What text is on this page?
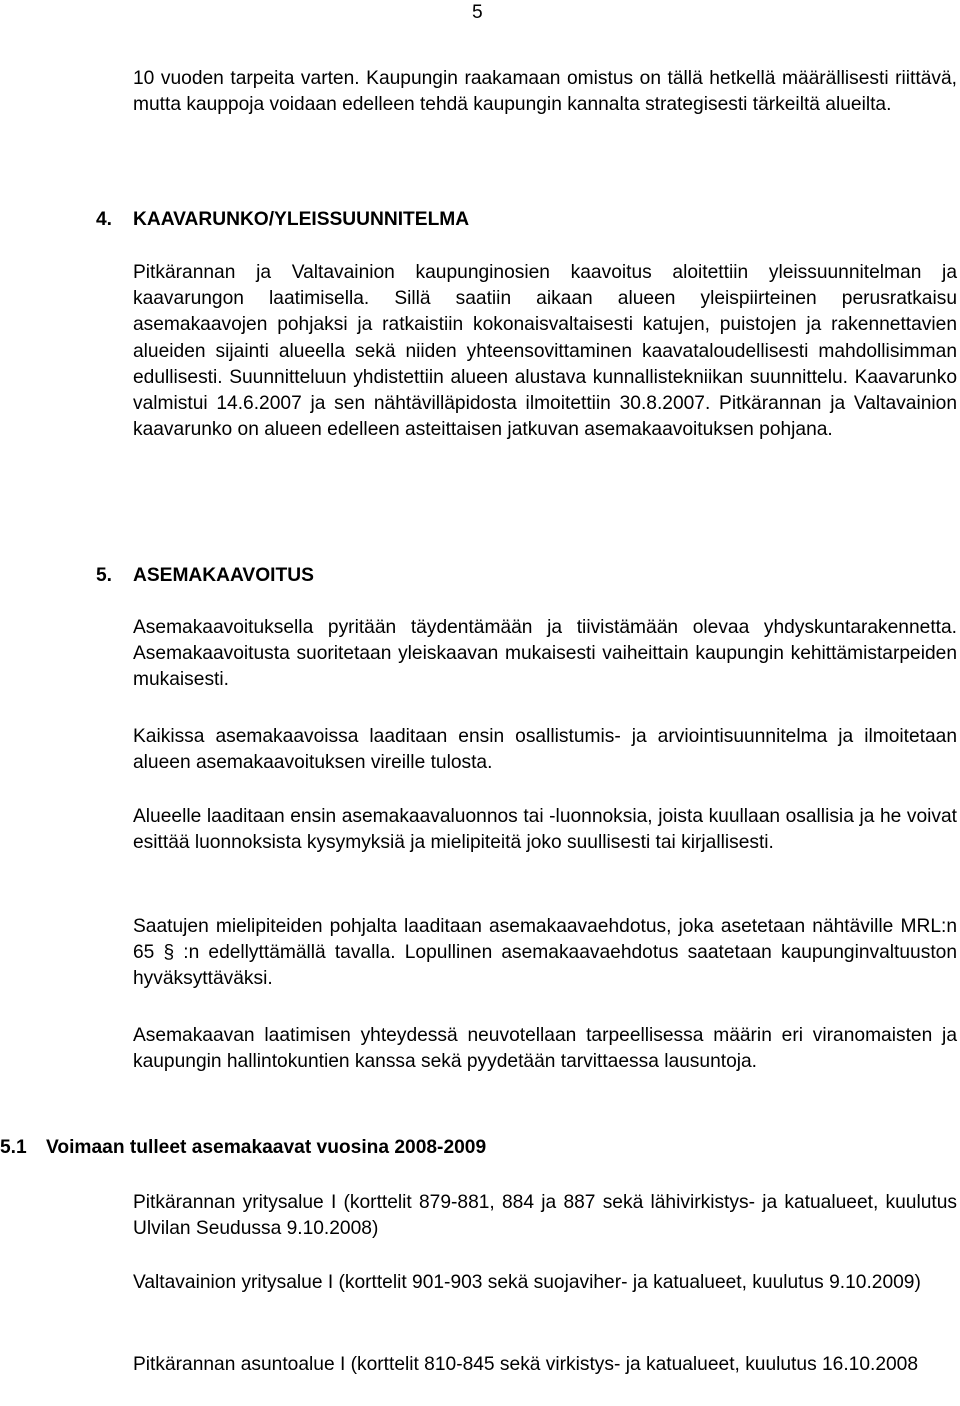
5

10 vuoden tarpeita varten. Kaupungin raakamaan omistus on tällä hetkellä määrällisesti riittävä, mutta kauppoja voidaan edelleen tehdä kaupungin kannalta strategisesti tärkeiltä alueilta.

4. KAAVARUNKO/YLEISSUUNNITELMA

Pitkärannan ja Valtavainion kaupunginosien kaavoitus aloitettiin yleissuunnitelman ja kaavarungon laatimisella. Sillä saatiin aikaan alueen yleispiirteinen perusratkaisu asemakaavojen pohjaksi ja ratkaistiin kokonaisvaltaisesti katujen, puistojen ja rakennettavien alueiden sijainti alueella sekä niiden yhteensovittaminen kaavataloudellisesti mahdollisimman edullisesti. Suunnitteluun yhdistettiin alueen alustava kunnallistekniikan suunnittelu. Kaavarunko valmistui 14.6.2007 ja sen nähtävilläpidosta ilmoitettiin 30.8.2007. Pitkärannan ja Valtavainion kaavarunko on alueen edelleen asteittaisen jatkuvan asemakaavoituksen pohjana.

5. ASEMAKAAVOITUS

Asemakaavoituksella pyritään täydentämään ja tiivistämään olevaa yhdyskuntarakennetta. Asemakaavoitusta suoritetaan yleiskaavan mukaisesti vaiheittain kaupungin kehittämistarpeiden mukaisesti.

Kaikissa asemakaavoissa laaditaan ensin osallistumis- ja arviointisuunnitelma ja ilmoitetaan alueen asemakaavoituksen vireille tulosta.

Alueelle laaditaan ensin asemakaavaluonnos tai -luonnoksia, joista kuullaan osallisia ja he voivat esittää luonnoksista kysymyksiä ja mielipiteitä joko suullisesti tai kirjallisesti.

Saatujen mielipiteiden pohjalta laaditaan asemakaavaehdotus, joka asetetaan nähtäville MRL:n 65 § :n edellyttämällä tavalla. Lopullinen asemakaavaehdotus saatetaan kaupunginvaltuuston hyväksyttäväksi.

Asemakaavan laatimisen yhteydessä neuvotellaan tarpeellisessa määrin eri viranomaisten ja kaupungin hallintokuntien kanssa sekä pyydetään tarvittaessa lausuntoja.

5.1 Voimaan tulleet asemakaavat vuosina 2008-2009

Pitkärannan yritysalue I (korttelit 879-881, 884 ja 887 sekä lähivirkistys- ja katualueet, kuulutus Ulvilan Seudussa 9.10.2008)

Valtavainion yritysalue I (korttelit 901-903 sekä suojaviher- ja katualueet, kuulutus 9.10.2009)

Pitkärannan asuntoalue I (korttelit 810-845 sekä virkistys- ja katualueet, kuulutus 16.10.2008
